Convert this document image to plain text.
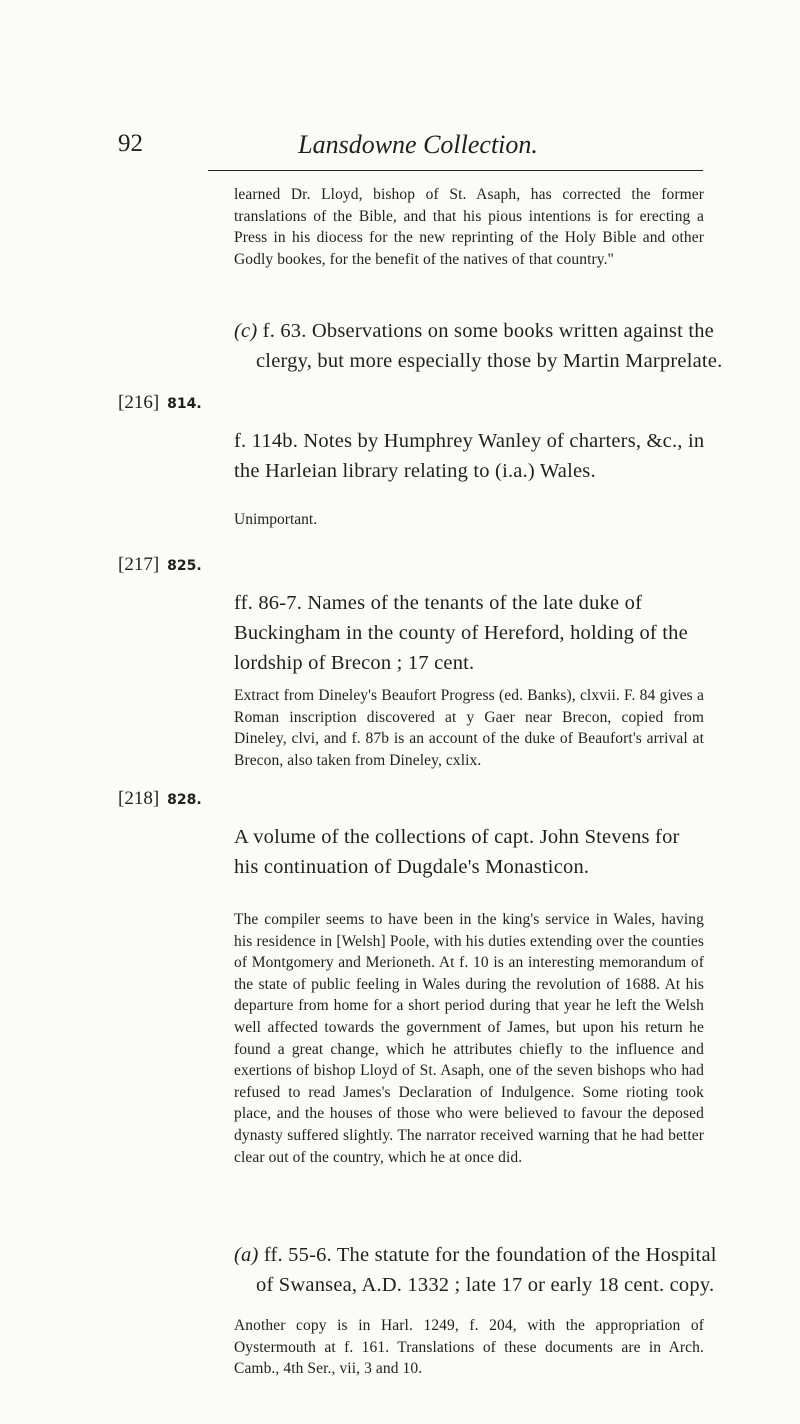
92	Lansdowne Collection.
learned Dr. Lloyd, bishop of St. Asaph, has corrected the former translations of the Bible, and that his pious intentions is for erecting a Press in his diocess for the new reprinting of the Holy Bible and other Godly bookes, for the benefit of the natives of that country."
(c) f. 63. Observations on some books written against the clergy, but more especially those by Martin Marprelate.
[216] 814.
f. 114b. Notes by Humphrey Wanley of charters, &c., in the Harleian library relating to (i.a.) Wales.
Unimportant.
[217] 825.
ff. 86-7. Names of the tenants of the late duke of Buckingham in the county of Hereford, holding of the lordship of Brecon ; 17 cent.
Extract from Dineley's Beaufort Progress (ed. Banks), clxvii. F. 84 gives a Roman inscription discovered at y Gaer near Brecon, copied from Dineley, clvi, and f. 87b is an account of the duke of Beaufort's arrival at Brecon, also taken from Dineley, cxlix.
[218] 828.
A volume of the collections of capt. John Stevens for his continuation of Dugdale's Monasticon.
The compiler seems to have been in the king's service in Wales, having his residence in [Welsh] Poole, with his duties extending over the counties of Montgomery and Merioneth. At f. 10 is an interesting memorandum of the state of public feeling in Wales during the revolution of 1688. At his departure from home for a short period during that year he left the Welsh well affected towards the government of James, but upon his return he found a great change, which he attributes chiefly to the influence and exertions of bishop Lloyd of St. Asaph, one of the seven bishops who had refused to read James's Declaration of Indulgence. Some rioting took place, and the houses of those who were believed to favour the deposed dynasty suffered slightly. The narrator received warning that he had better clear out of the country, which he at once did.
(a) ff. 55-6. The statute for the foundation of the Hospital of Swansea, A.D. 1332 ; late 17 or early 18 cent. copy.
Another copy is in Harl. 1249, f. 204, with the appropriation of Oystermouth at f. 161. Translations of these documents are in Arch. Camb., 4th Ser., vii, 3 and 10.
